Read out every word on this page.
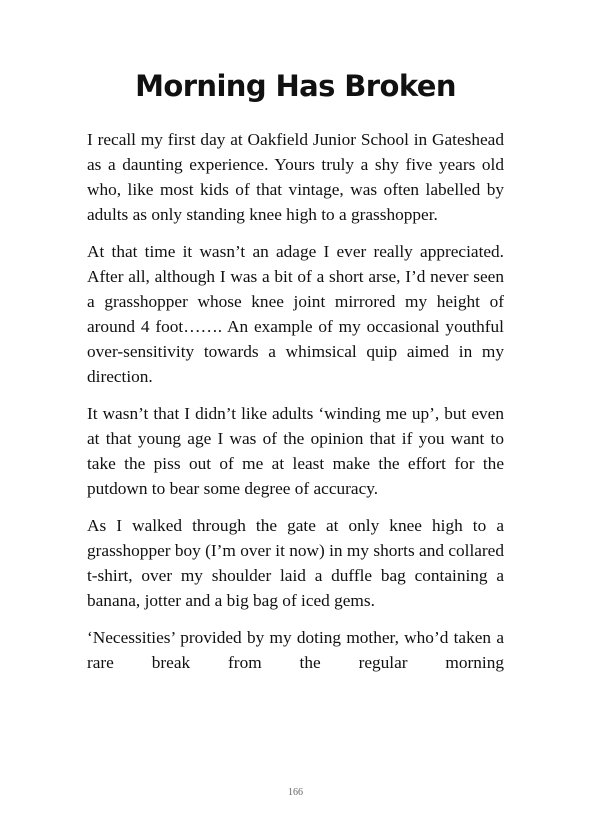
Morning Has Broken

I recall my first day at Oakfield Junior School in Gateshead as a daunting experience. Yours truly a shy five years old who, like most kids of that vintage, was often labelled by adults as only standing knee high to a grasshopper.

At that time it wasn’t an adage I ever really appreciated. After all, although I was a bit of a short arse, I’d never seen a grasshopper whose knee joint mirrored my height of around 4 foot……. An example of my occasional youthful over-sensitivity towards a whimsical quip aimed in my direction.

It wasn’t that I didn’t like adults ‘winding me up’, but even at that young age I was of the opinion that if you want to take the piss out of me at least make the effort for the putdown to bear some degree of accuracy.

As I walked through the gate at only knee high to a grasshopper boy (I’m over it now) in my shorts and collared t-shirt, over my shoulder laid a duffle bag containing a banana, jotter and a big bag of iced gems.

‘Necessities’ provided by my doting mother, who’d taken a rare break from the regular morning

166
